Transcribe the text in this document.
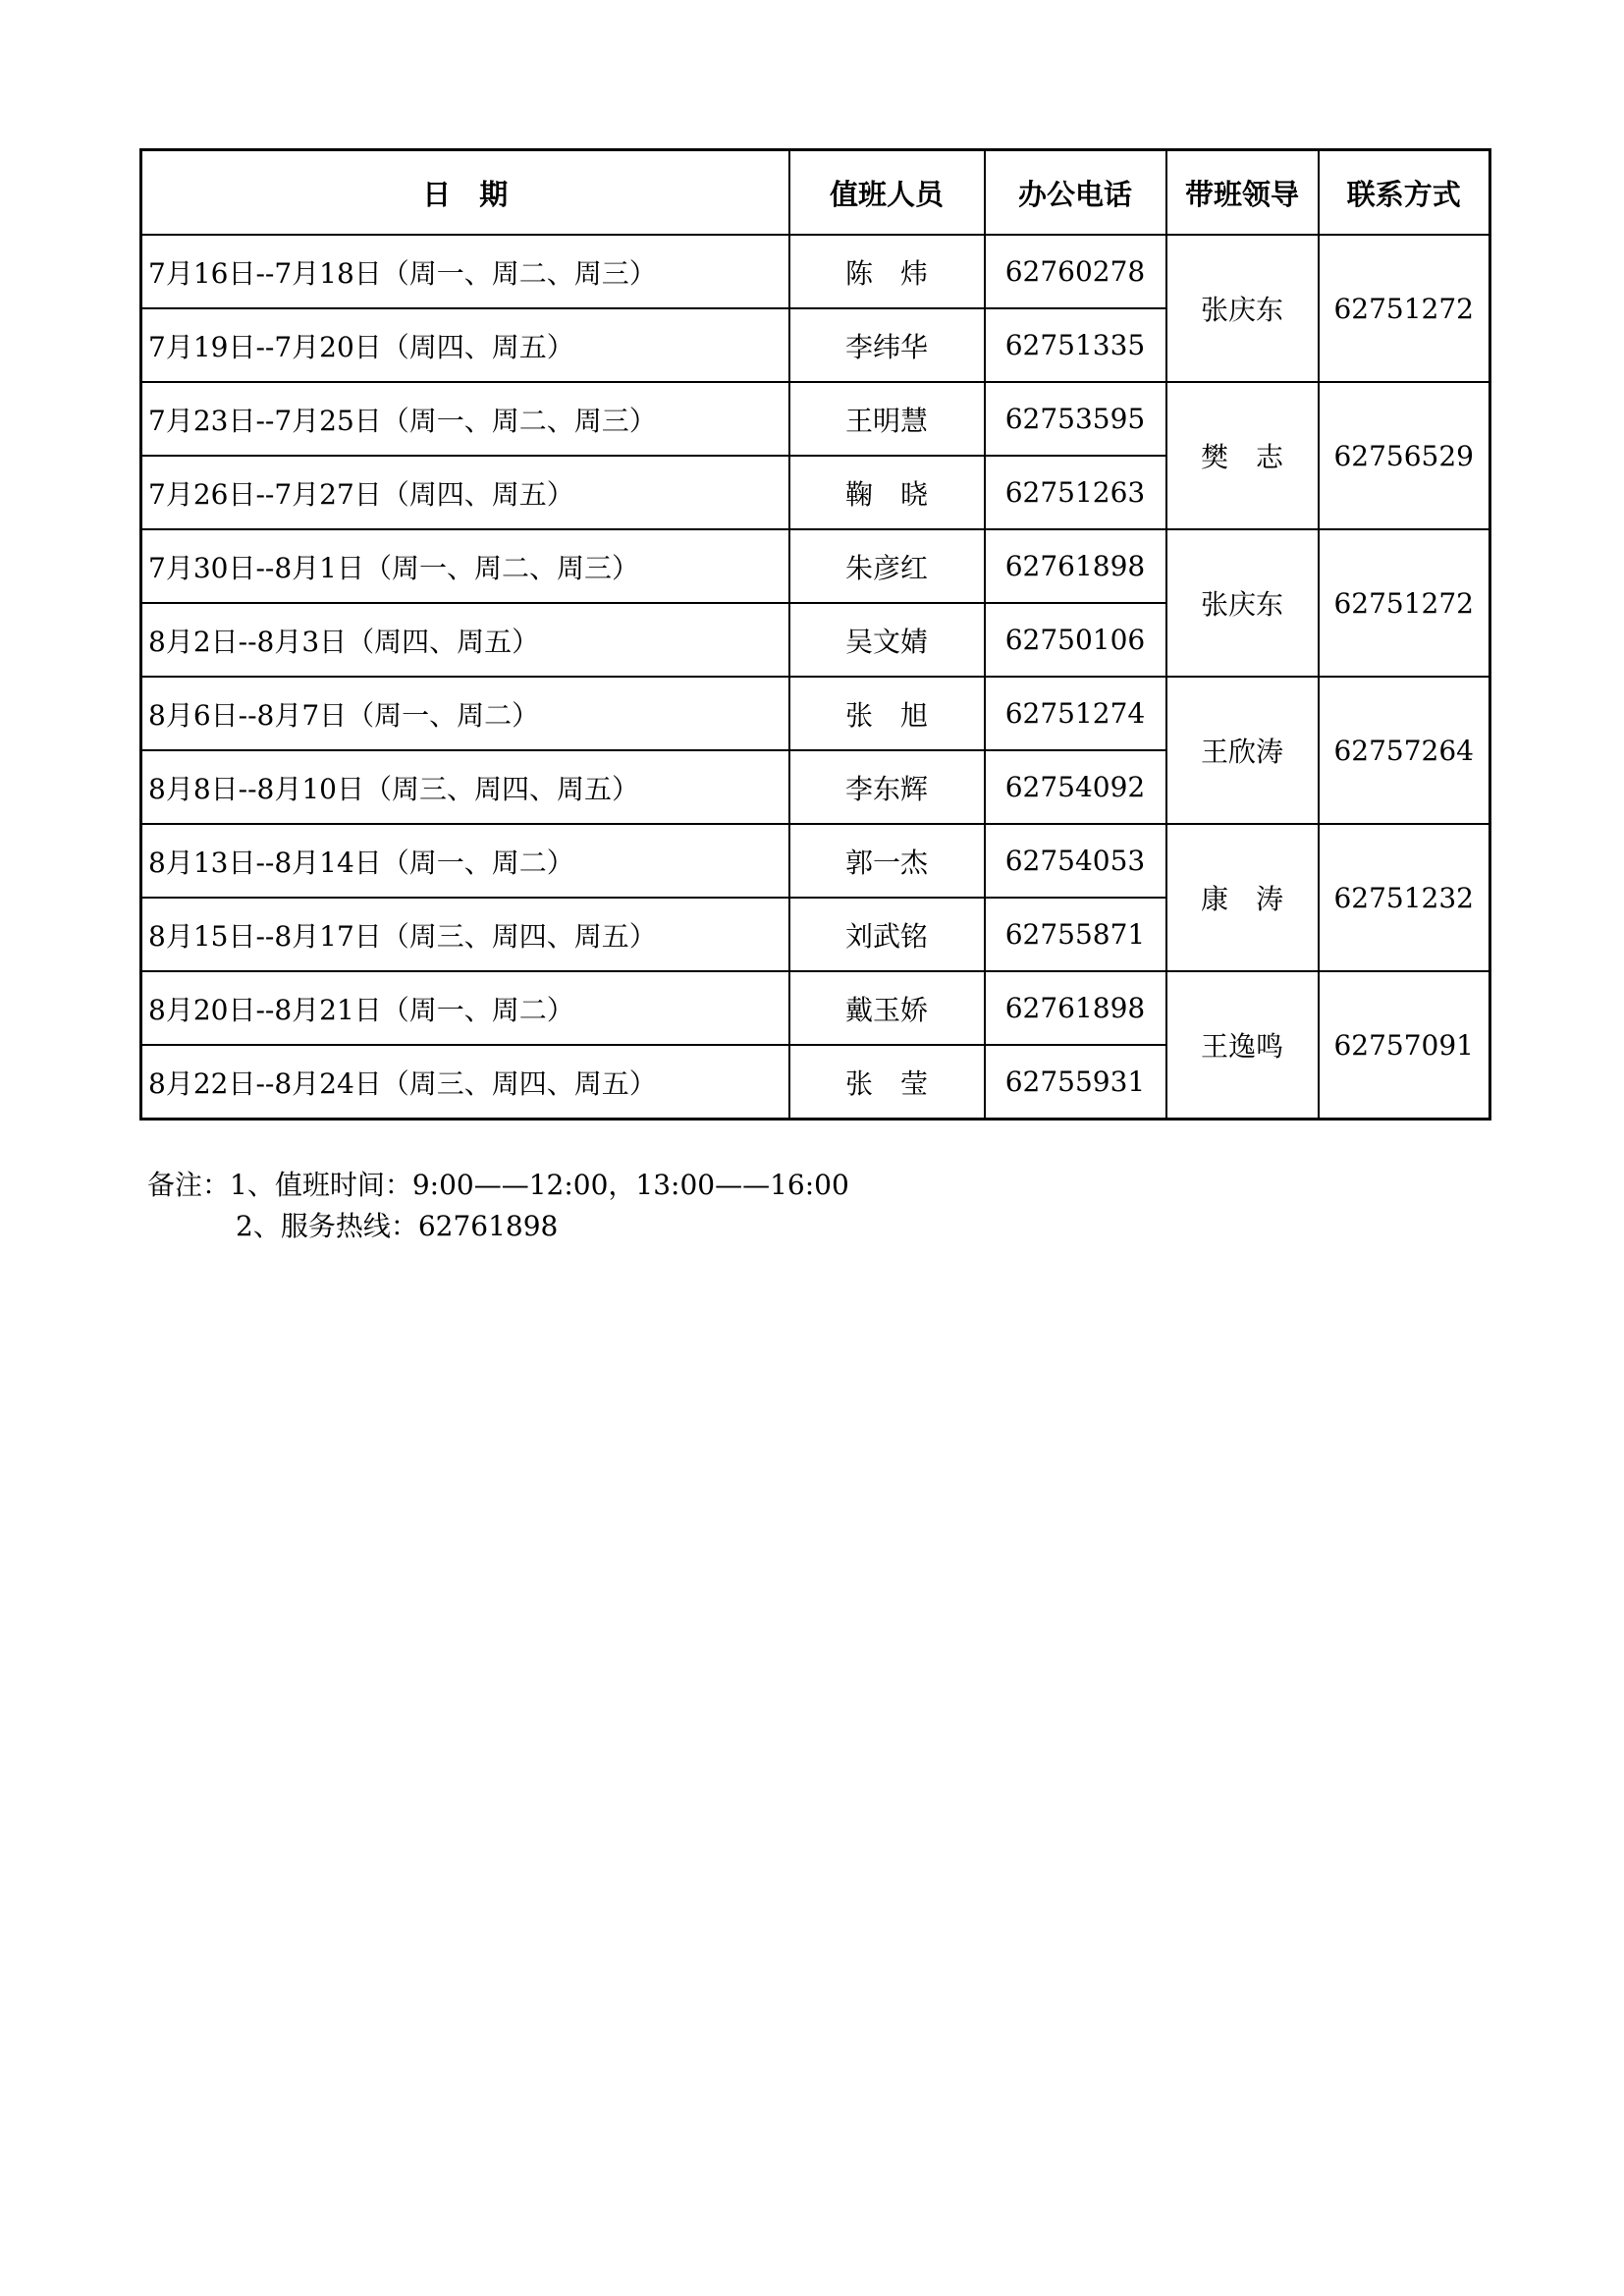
日　期	值班人员	办公电话	带班领导	联系方式
7月16日--7月18日（周一、周二、周三）	陈　炜	62760278	张庆东	62751272
7月19日--7月20日（周四、周五）	李纬华	62751335		
7月23日--7月25日（周一、周二、周三）	王明慧	62753595	樊　志	62756529
7月26日--7月27日（周四、周五）	鞠　晓	62751263		
7月30日--8月1日（周一、周二、周三）	朱彦红	62761898	张庆东	62751272
8月2日--8月3日（周四、周五）	吴文婧	62750106		
8月6日--8月7日（周一、周二）	张　旭	62751274	王欣涛	62757264
8月8日--8月10日（周三、周四、周五）	李东辉	62754092		
8月13日--8月14日（周一、周二）	郭一杰	62754053	康　涛	62751232
8月15日--8月17日（周三、周四、周五）	刘武铭	62755871		
8月20日--8月21日（周一、周二）	戴玉娇	62761898	王逸鸣	62757091
8月22日--8月24日（周三、周四、周五）	张　莹	62755931		
备注：1、值班时间：9:00——12:00，13:00——16:00
2、服务热线：62761898
